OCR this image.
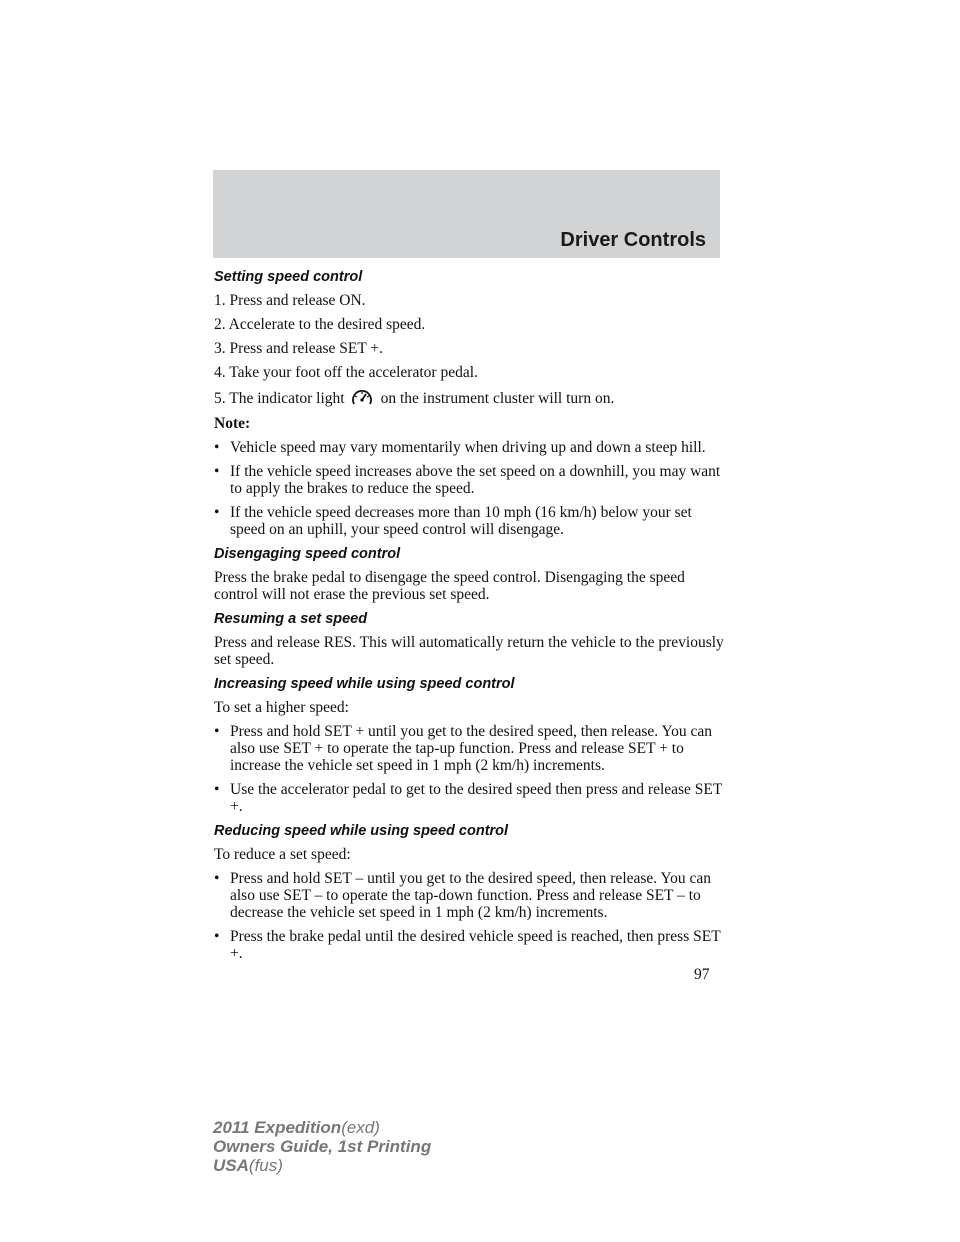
Driver Controls
Setting speed control
1. Press and release ON.
2. Accelerate to the desired speed.
3. Press and release SET +.
4. Take your foot off the accelerator pedal.
5. The indicator light on the instrument cluster will turn on.
Note:
• Vehicle speed may vary momentarily when driving up and down a steep hill.
• If the vehicle speed increases above the set speed on a downhill, you may want to apply the brakes to reduce the speed.
• If the vehicle speed decreases more than 10 mph (16 km/h) below your set speed on an uphill, your speed control will disengage.
Disengaging speed control
Press the brake pedal to disengage the speed control. Disengaging the speed control will not erase the previous set speed.
Resuming a set speed
Press and release RES. This will automatically return the vehicle to the previously set speed.
Increasing speed while using speed control
To set a higher speed:
• Press and hold SET + until you get to the desired speed, then release. You can also use SET + to operate the tap-up function. Press and release SET + to increase the vehicle set speed in 1 mph (2 km/h) increments.
• Use the accelerator pedal to get to the desired speed then press and release SET +.
Reducing speed while using speed control
To reduce a set speed:
• Press and hold SET – until you get to the desired speed, then release. You can also use SET – to operate the tap-down function. Press and release SET – to decrease the vehicle set speed in 1 mph (2 km/h) increments.
• Press the brake pedal until the desired vehicle speed is reached, then press SET +.
97
2011 Expedition(exd)
Owners Guide, 1st Printing
USA(fus)
